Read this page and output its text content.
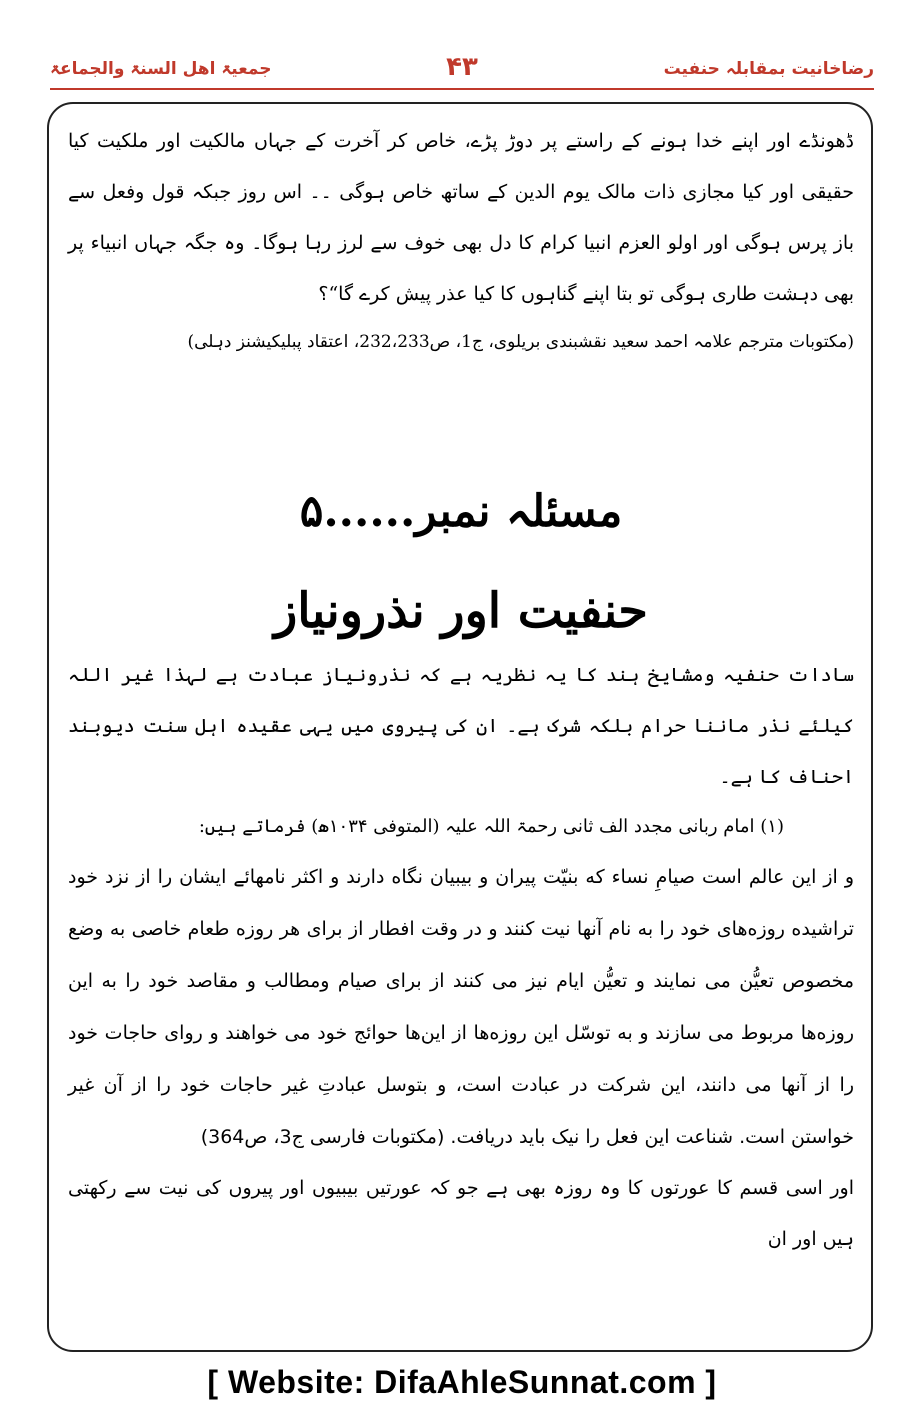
جمعیۃ اهل السنۃ والجماعۃ	۴۳	رضاخانیت بمقابلہ حنفیت

ڈھونڈے اور اپنے خدا ہونے کے راستے پر دوڑ پڑے، خاص کر آخرت کے جہاں مالکیت اور ملکیت کیا حقیقی اور کیا مجازی ذات مالک یوم الدین کے ساتھ خاص ہوگی ۔۔ اس روز جبکہ قول وفعل سے باز پرس ہوگی اور اولو العزم انبیا کرام کا دل بھی خوف سے لرز رہا ہوگا۔ وہ جگہ جہاں انبیاء پر بھی دہشت طاری ہوگی تو بتا اپنے گناہوں کا کیا عذر پیش کرے گا“؟

(مکتوبات مترجم علامہ احمد سعید نقشبندی بریلوی، ج1، ص232،233، اعتقاد پبلیکیشنز دہلی)

مسئلہ نمبر......۵
حنفیت اور نذرونیاز

سادات حنفیہ ومشایخ ہند کا یہ نظریہ ہے کہ نذرونیاز عبادت ہے لہذا غیر اللہ کیلئے نذر ماننا حرام بلکہ شرک ہے۔ ان کی پیروی میں یہی عقیدہ اہل سنت دیوبند احناف کا ہے۔

(۱) امام ربانی مجدد الف ثانی رحمۃ اللہ علیہ (المتوفی ۱۰۳۴ھ) فرماتے ہیں:

و از این عالم است صیامِ نساء که بنیّت پیران و بیبیان نگاه دارند و اکثر نامهائے ایشان را از نزد خود تراشیده روزه‌های خود را به نام آنها نیت کنند و در وقت افطار از برای هر روزه طعام خاصی به وضع مخصوص تعیُّن می نمایند و تعیُّن ایام نیز می کنند از برای صیام ومطالب و مقاصد خود را به این روزه‌ها مربوط می سازند و به توسّل این روزه‌ها از این‌ها حوائج خود می خواهند و روای حاجات خود را از آنها می دانند، این شرکت در عبادت است، و بتوسل عبادتِ غیر حاجات خود را از آن غیر خواستن است. شناعت این فعل را نیک باید دریافت. (مکتوبات فارسی ج3، ص364)

اور اسی قسم کا عورتوں کا وہ روزہ بھی ہے جو کہ عورتیں بیبیوں اور پیروں کی نیت سے رکھتی ہیں اور ان

[ Website: DifaAhleSunnat.com ]
